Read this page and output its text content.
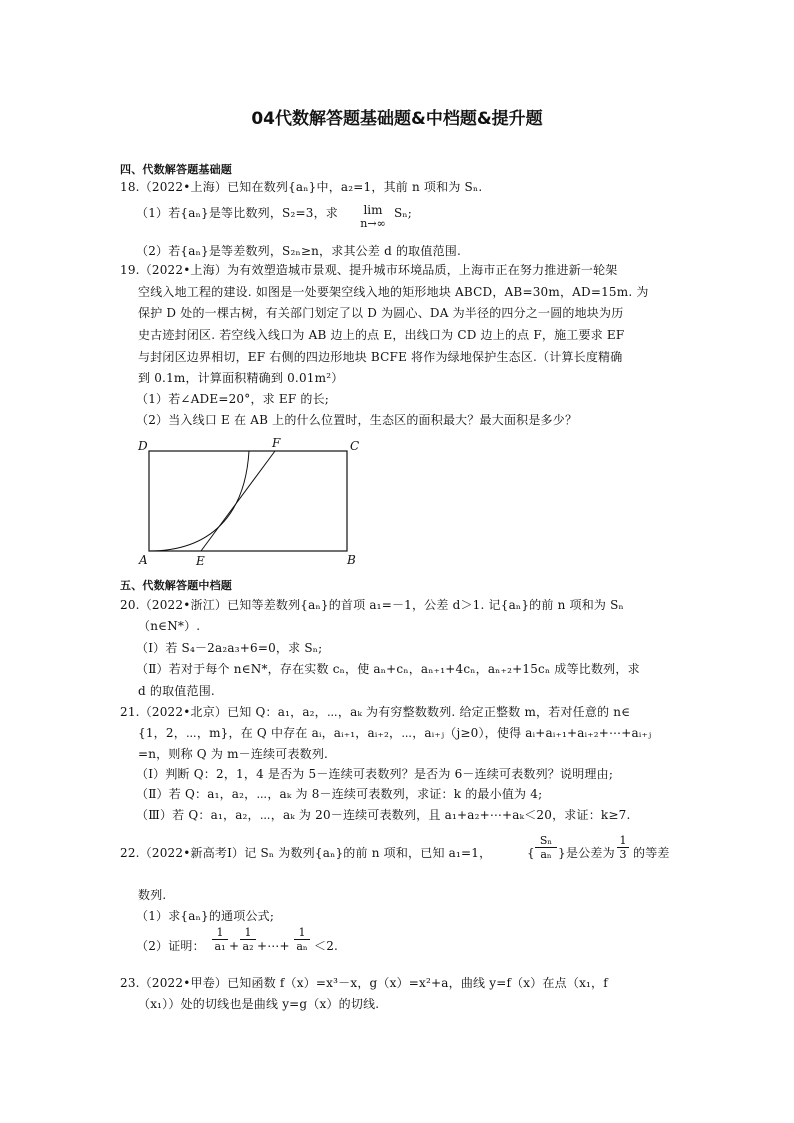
04代数解答题基础题&中档题&提升题
四、代数解答题基础题
18.（2022•上海）已知在数列{aₙ}中，a₂=1，其前 n 项和为 Sₙ.
（1）若{aₙ}是等比数列，S₂=3，求	lim
n→∞
Sₙ;
（2）若{aₙ}是等差数列，S₂ₙ≥n，求其公差 d 的取值范围.
19.（2022•上海）为有效塑造城市景观、提升城市环境品质，上海市正在努力推进新一轮架
空线入地工程的建设. 如图是一处要架空线入地的矩形地块 ABCD，AB=30m，AD=15m. 为
保护 D 处的一棵古树，有关部门划定了以 D 为圆心、DA 为半径的四分之一圆的地块为历
史古迹封闭区. 若空线入线口为 AB 边上的点 E，出线口为 CD 边上的点 F，施工要求 EF
与封闭区边界相切，EF 右侧的四边形地块 BCFE 将作为绿地保护生态区.（计算长度精确
到 0.1m，计算面积精确到 0.01m²）
（1）若∠ADE=20°，求 EF 的长;
（2）当入线口 E 在 AB 上的什么位置时，生态区的面积最大？最大面积是多少？
D	F	C
A	E	B
五、代数解答题中档题
20.（2022•浙江）已知等差数列{aₙ}的首项 a₁=－1，公差 d＞1. 记{aₙ}的前 n 项和为 Sₙ
（n∈N*）.
（Ⅰ）若 S₄－2a₂a₃+6=0，求 Sₙ;
（Ⅱ）若对于每个 n∈N*，存在实数 cₙ，使 aₙ+cₙ，aₙ₊₁+4cₙ，aₙ₊₂+15cₙ 成等比数列，求
d 的取值范围.
21.（2022•北京）已知 Q：a₁，a₂，⋯，aₖ 为有穷整数数列. 给定正整数 m，若对任意的 n∈
{1，2，⋯，m}，在 Q 中存在 aᵢ，aᵢ₊₁，aᵢ₊₂，⋯，aᵢ₊ⱼ（j≥0），使得 aᵢ+aᵢ₊₁+aᵢ₊₂+⋯+aᵢ₊ⱼ
=n，则称 Q 为 m－连续可表数列.
（Ⅰ）判断 Q：2，1，4 是否为 5－连续可表数列？是否为 6－连续可表数列？说明理由;
（Ⅱ）若 Q：a₁，a₂，⋯，aₖ 为 8－连续可表数列，求证：k 的最小值为 4;
（Ⅲ）若 Q：a₁，a₂，⋯，aₖ 为 20－连续可表数列，且 a₁+a₂+⋯+aₖ＜20，求证：k≥7.
22.（2022•新高考Ⅰ）记 Sₙ 为数列{aₙ}的前 n 项和，已知 a₁=1，	{ $\frac{\text{Sₙ}}{\text{aₙ}}$ } 是公差为 $\frac{1}{3}$ 的等差
数列.
（1）求{aₙ}的通项公式;
（2）证明： $\frac{1}{\text{a₁}} + \frac{1}{\text{a₂}}$ +⋯+ $\frac{1}{\text{aₙ}} <2$.
23.（2022•甲卷）已知函数 f（x）=x³－x，g（x）=x²+a，曲线 y=f（x）在点（x₁，f
（x₁））处的切线也是曲线 y=g（x）的切线.
